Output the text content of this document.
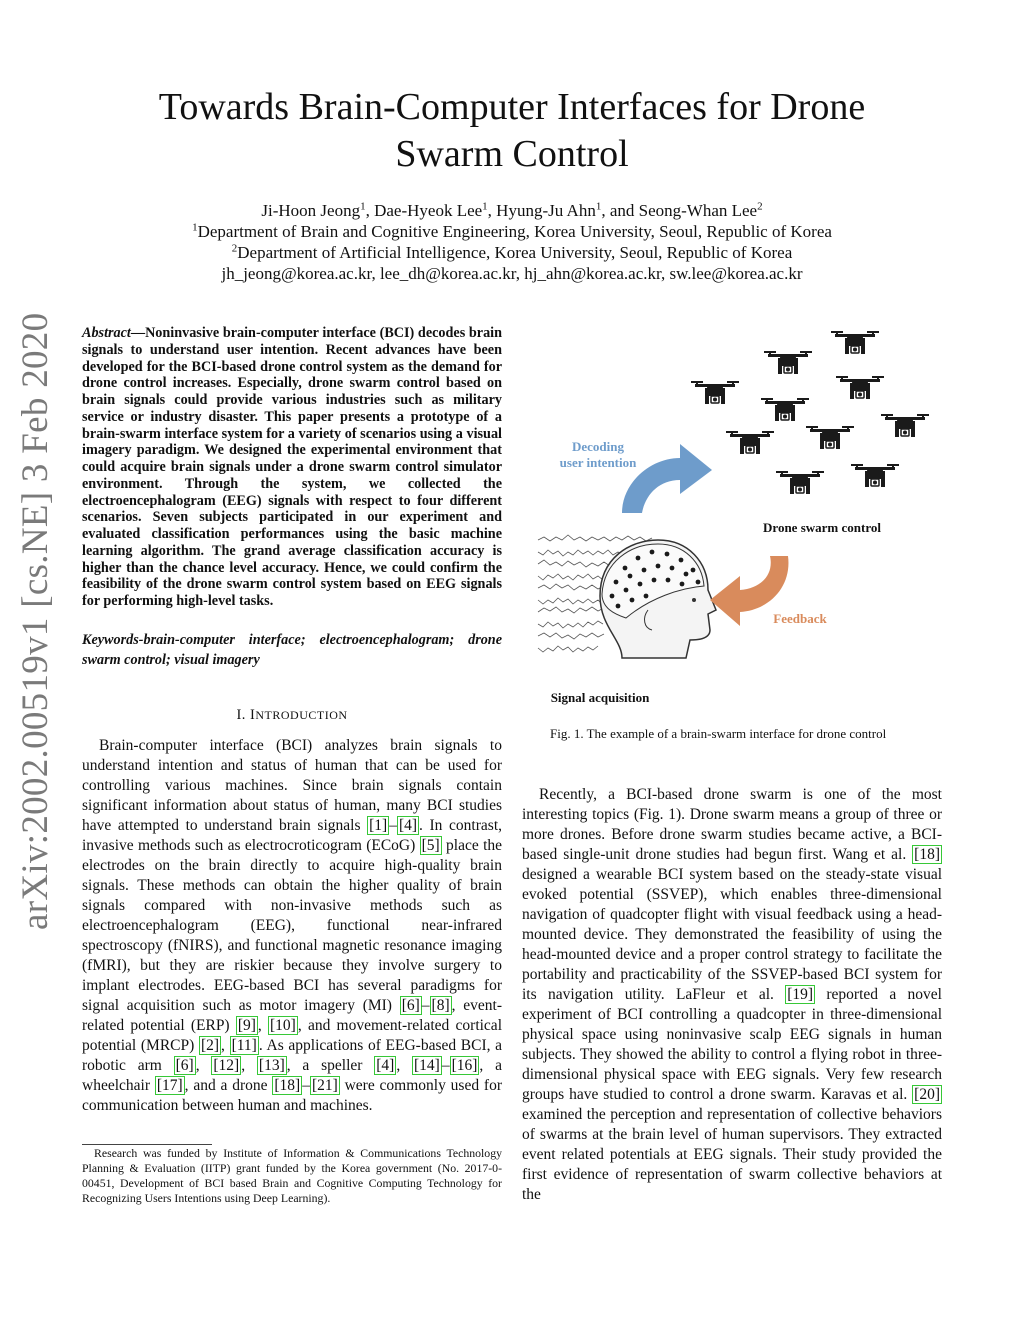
arXiv:2002.00519v1 [cs.NE] 3 Feb 2020
Towards Brain-Computer Interfaces for Drone
Swarm Control
Ji-Hoon Jeong$^1$, Dae-Hyeok Lee$^1$, Hyung-Ju Ahn$^1$, and Seong-Whan Lee$^2$
$^1$Department of Brain and Cognitive Engineering, Korea University, Seoul, Republic of Korea
$^2$Department of Artificial Intelligence, Korea University, Seoul, Republic of Korea
jh_jeong@korea.ac.kr, lee_dh@korea.ac.kr, hj_ahn@korea.ac.kr, sw.lee@korea.ac.kr
Abstract—Noninvasive brain-computer interface (BCI) decodes brain signals to understand user intention. Recent advances have been developed for the BCI-based drone control system as the demand for drone control increases. Especially, drone swarm control based on brain signals could provide various industries such as military service or industry disaster. This paper presents a prototype of a brain-swarm interface system for a variety of scenarios using a visual imagery paradigm. We designed the experimental environment that could acquire brain signals under a drone swarm control simulator environment. Through the system, we collected the electroencephalogram (EEG) signals with respect to four different scenarios. Seven subjects participated in our experiment and evaluated classification performances using the basic machine learning algorithm. The grand average classification accuracy is higher than the chance level accuracy. Hence, we could confirm the feasibility of the drone swarm control system based on EEG signals for performing high-level tasks.
Keywords-brain-computer interface; electroencephalogram; drone swarm control; visual imagery
I. INTRODUCTION

Brain-computer interface (BCI) analyzes brain signals to understand intention and status of human that can be used for controlling various machines. Since brain signals contain significant information about status of human, many BCI studies have attempted to understand brain signals [1] – [4] . In contrast, invasive methods such as electrocroticogram (ECoG) [5] place the electrodes on the brain directly to acquire high-quality brain signals. These methods can obtain the higher quality of brain signals compared with non-invasive methods such as electroencephalogram (EEG), functional near-infrared spectroscopy (fNIRS), and functional magnetic resonance imaging (fMRI), but they are riskier because they involve surgery to implant electrodes. EEG-based BCI has several paradigms for signal acquisition such as motor imagery (MI) [6] – [8] , event-related potential (ERP) [9] , [10] , and movement-related cortical potential (MRCP) [2] , [11] . As applications of EEG-based BCI, a robotic arm [6] , [12] , [13] , a speller [4] , [14] – [16] , a wheelchair [17] , and a drone [18] – [21] were commonly used for communication between human and machines.

Research was funded by Institute of Information & Communications Technology Planning & Evaluation (IITP) grant funded by the Korea government (No. 2017-0-00451, Development of BCI based Brain and Cognitive Computing Technology for Recognizing Users Intentions using Deep Learning).

Decoding
user intention
Drone swarm control
Feedback
Signal acquisition
Fig. 1. The example of a brain-swarm interface for drone control

Recently, a BCI-based drone swarm is one of the most interesting topics (Fig. 1). Drone swarm means a group of three or more drones. Before drone swarm studies became active, a BCI-based single-unit drone studies had begun first. Wang et al. [18] designed a wearable BCI system based on the steady-state visual evoked potential (SSVEP), which enables three-dimensional navigation of quadcopter flight with visual feedback using a head-mounted device. They demonstrated the feasibility of using the head-mounted device and a proper control strategy to facilitate the portability and practicability of the SSVEP-based BCI system for its navigation utility. LaFleur et al. [19] reported a novel experiment of BCI controlling a quadcopter in three-dimensional physical space using noninvasive scalp EEG signals in human subjects. They showed the ability to control a flying robot in three-dimensional physical space with EEG signals. Very few research groups have studied to control a drone swarm. Karavas et al. [20] examined the perception and representation of collective behaviors of swarms at the brain level of human supervisors. They extracted event related potentials at EEG signals. Their study provided the first evidence of representation of swarm collective behaviors at the
